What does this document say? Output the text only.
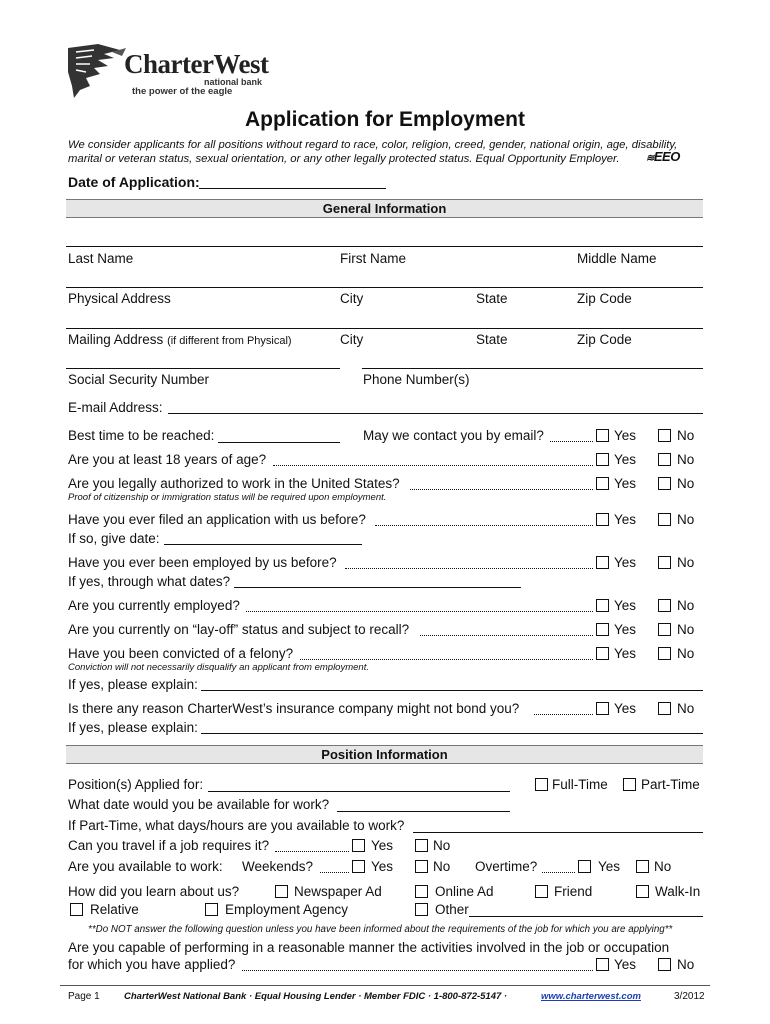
CharterWest
national bank
the power of the eagle
Application for Employment
We consider applicants for all positions without regard to race, color, religion, creed, gender, national origin, age, disability,
marital or veteran status, sexual orientation, or any other legally protected status. Equal Opportunity Employer.	≋EEO
Date of Application:
General Information
Last Name	First Name	Middle Name
Physical Address	City	State	Zip Code
Mailing Address (if different from Physical)	City	State	Zip Code
Social Security Number	Phone Number(s)
E-mail Address:
Best time to be reached:	May we contact you by email?	Yes	No
Are you at least 18 years of age?	Yes	No
Are you legally authorized to work in the United States?	Yes	No
Proof of citizenship or immigration status will be required upon employment.
Have you ever filed an application with us before?	Yes	No
If so, give date:
Have you ever been employed by us before?	Yes	No
If yes, through what dates?
Are you currently employed?	Yes	No
Are you currently on “lay-off” status and subject to recall?	Yes	No
Have you been convicted of a felony?	Yes	No
Conviction will not necessarily disqualify an applicant from employment.
If yes, please explain:
Is there any reason CharterWest’s insurance company might not bond you?	Yes	No
If yes, please explain:
Position Information
Position(s) Applied for:	Full-Time Part-Time
What date would you be available for work?
If Part-Time, what days/hours are you available to work?
Can you travel if a job requires it?	Yes	No
Are you available to work: Weekends?	Yes	No Overtime?	Yes	No
How did you learn about us?	Newspaper Ad	Online Ad	Friend	Walk-In
Relative	Employment Agency	Other
**Do NOT answer the following question unless you have been informed about the requirements of the job for which you are applying**
Are you capable of performing in a reasonable manner the activities involved in the job or occupation
for which you have applied?	Yes	No
Page 1	CharterWest National Bank · Equal Housing Lender · Member FDIC · 1-800-872-5147 ·	www.charterwest.com	3/2012
